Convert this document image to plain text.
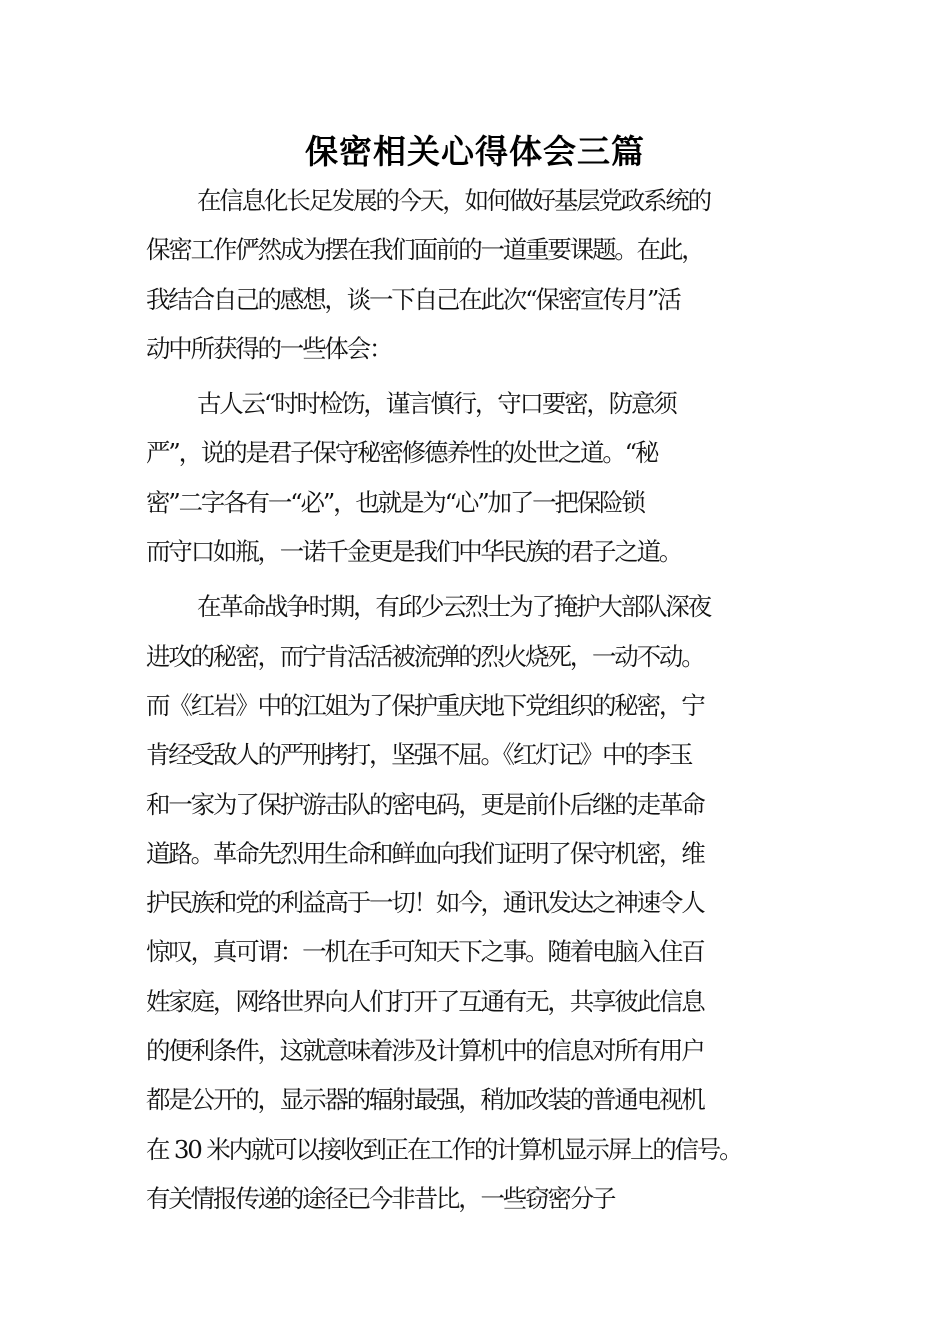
保密相关心得体会三篇
在信息化长足发展的今天，如何做好基层党政系统的
保密工作俨然成为摆在我们面前的一道重要课题。在此，
我结合自己的感想，谈一下自己在此次“保密宣传月”活
动中所获得的一些体会：
古人云“时时检饬，谨言慎行，守口要密，防意须
严”，说的是君子保守秘密修德养性的处世之道。“秘
密”二字各有一“必”，也就是为“心”加了一把保险锁
而守口如瓶，一诺千金更是我们中华民族的君子之道。
在革命战争时期，有邱少云烈士为了掩护大部队深夜
进攻的秘密，而宁肯活活被流弹的烈火烧死，一动不动。
而《红岩》中的江姐为了保护重庆地下党组织的秘密，宁
肯经受敌人的严刑拷打，坚强不屈。《红灯记》中的李玉
和一家为了保护游击队的密电码，更是前仆后继的走革命
道路。革命先烈用生命和鲜血向我们证明了保守机密，维
护民族和党的利益高于一切！如今，通讯发达之神速令人
惊叹，真可谓：一机在手可知天下之事。随着电脑入住百
姓家庭，网络世界向人们打开了互通有无，共享彼此信息
的便利条件，这就意味着涉及计算机中的信息对所有用户
都是公开的，显示器的辐射最强，稍加改装的普通电视机
在 30 米内就可以接收到正在工作的计算机显示屏上的信号。
有关情报传递的途径已今非昔比，一些窃密分子
